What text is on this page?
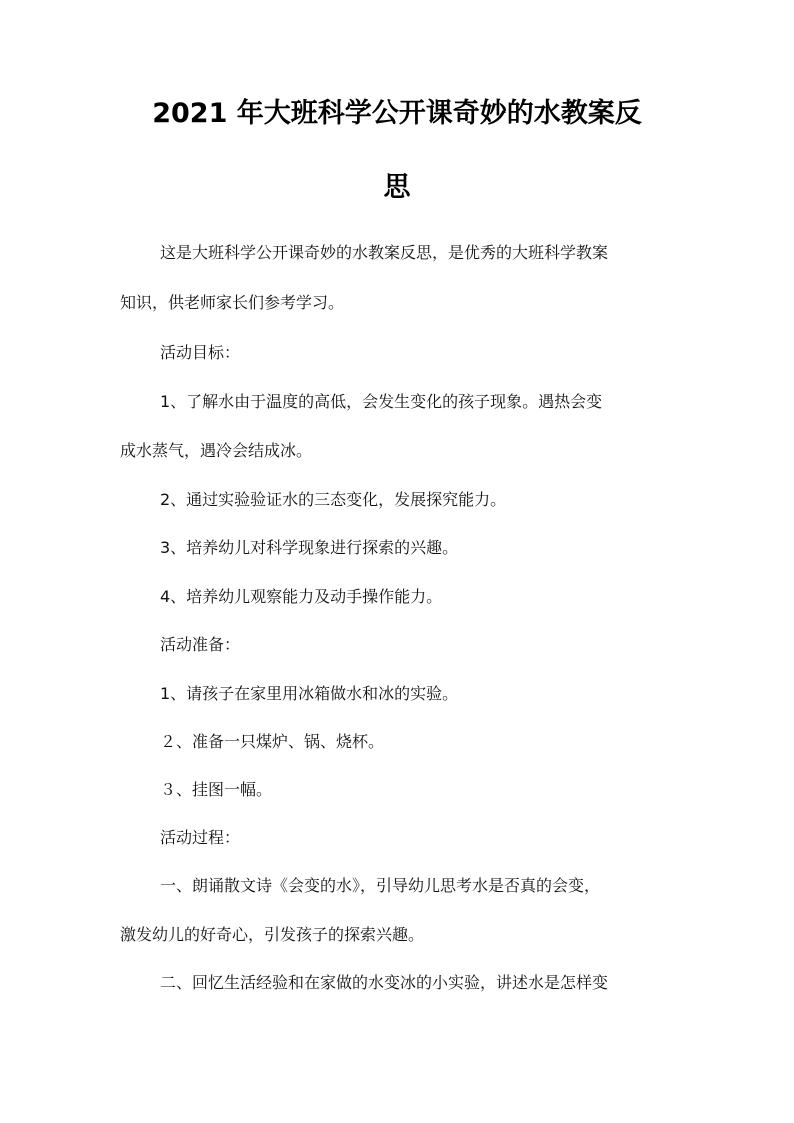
2021 年大班科学公开课奇妙的水教案反
思
这是大班科学公开课奇妙的水教案反思，是优秀的大班科学教案
知识，供老师家长们参考学习。
活动目标：
1、了解水由于温度的高低，会发生变化的孩子现象。遇热会变
成水蒸气，遇冷会结成冰。
2、通过实验验证水的三态变化，发展探究能力。
3、培养幼儿对科学现象进行探索的兴趣。
4、培养幼儿观察能力及动手操作能力。
活动准备：
1、请孩子在家里用冰箱做水和冰的实验。
２、准备一只煤炉、锅、烧杯。
３、挂图一幅。
活动过程：
一、朗诵散文诗《会变的水》，引导幼儿思考水是否真的会变，
激发幼儿的好奇心，引发孩子的探索兴趣。
二、回忆生活经验和在家做的水变冰的小实验，讲述水是怎样变
